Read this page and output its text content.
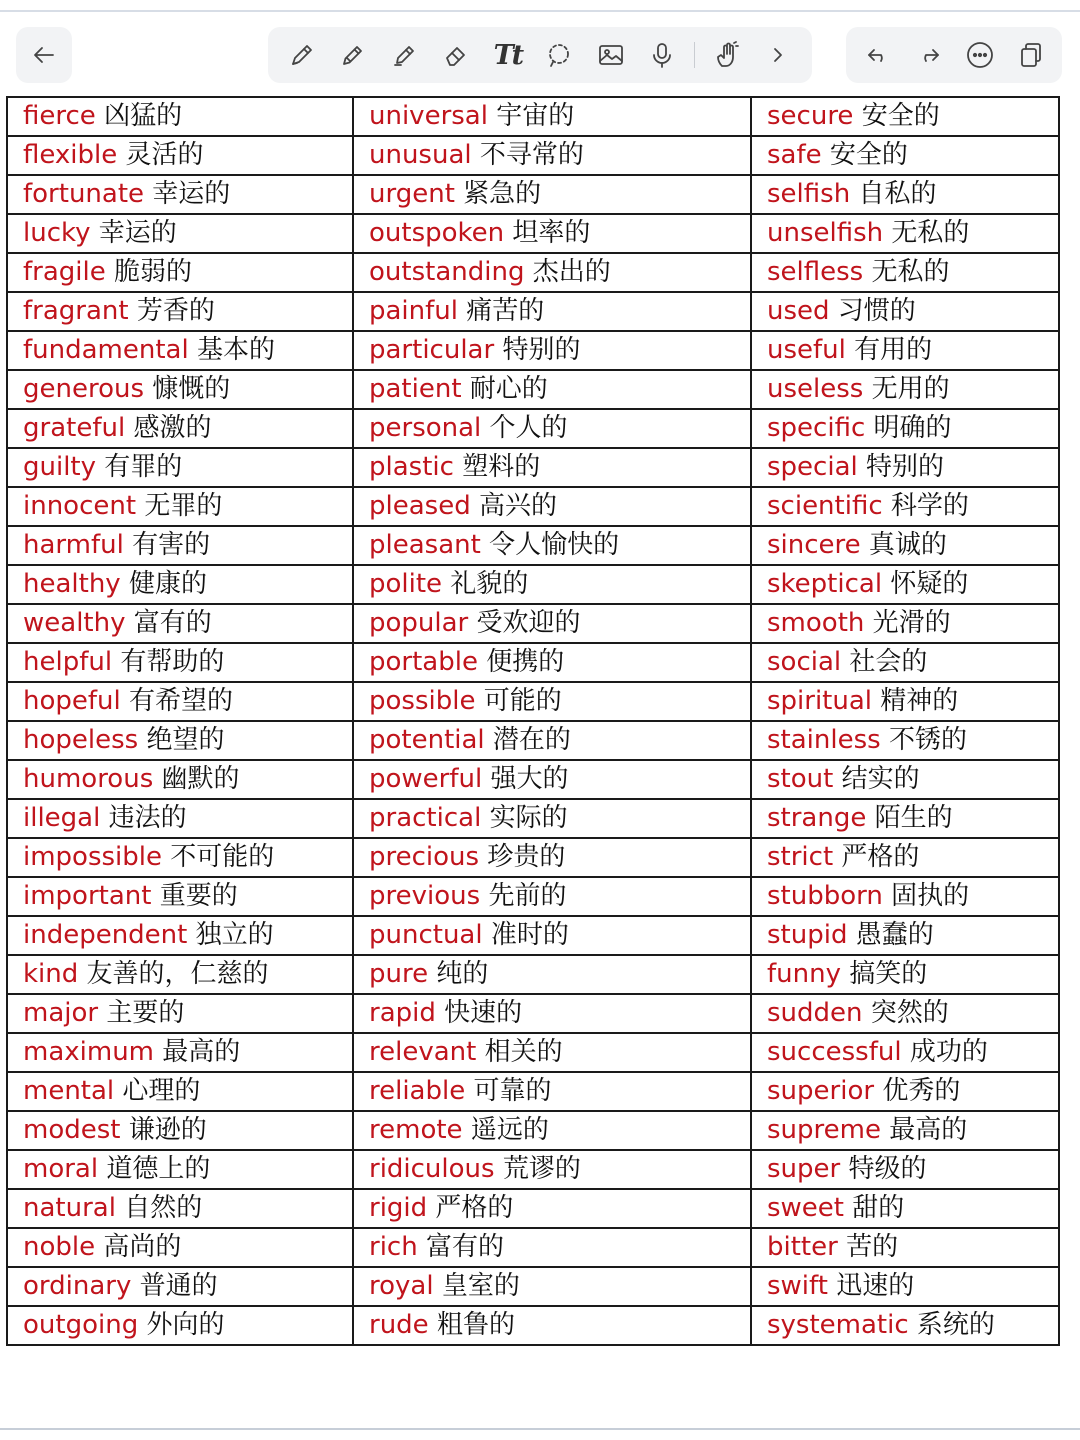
Tt
fierce 凶猛的	universal 宇宙的	secure 安全的
flexible 灵活的	unusual 不寻常的	safe 安全的
fortunate 幸运的	urgent 紧急的	selfish 自私的
lucky 幸运的	outspoken 坦率的	unselfish 无私的
fragile 脆弱的	outstanding 杰出的	selfless 无私的
fragrant 芳香的	painful 痛苦的	used 习惯的
fundamental 基本的	particular 特别的	useful 有用的
generous 慷慨的	patient 耐心的	useless 无用的
grateful 感激的	personal 个人的	specific 明确的
guilty 有罪的	plastic 塑料的	special 特别的
innocent 无罪的	pleased 高兴的	scientific 科学的
harmful 有害的	pleasant 令人愉快的	sincere 真诚的
healthy 健康的	polite 礼貌的	skeptical 怀疑的
wealthy 富有的	popular 受欢迎的	smooth 光滑的
helpful 有帮助的	portable 便携的	social 社会的
hopeful 有希望的	possible 可能的	spiritual 精神的
hopeless 绝望的	potential 潜在的	stainless 不锈的
humorous 幽默的	powerful 强大的	stout 结实的
illegal 违法的	practical 实际的	strange 陌生的
impossible 不可能的	precious 珍贵的	strict 严格的
important 重要的	previous 先前的	stubborn 固执的
independent 独立的	punctual 准时的	stupid 愚蠢的
kind 友善的，仁慈的	pure 纯的	funny 搞笑的
major 主要的	rapid 快速的	sudden 突然的
maximum 最高的	relevant 相关的	successful 成功的
mental 心理的	reliable 可靠的	superior 优秀的
modest 谦逊的	remote 遥远的	supreme 最高的
moral 道德上的	ridiculous 荒谬的	super 特级的
natural 自然的	rigid 严格的	sweet 甜的
noble 高尚的	rich 富有的	bitter 苦的
ordinary 普通的	royal 皇室的	swift 迅速的
outgoing 外向的	rude 粗鲁的	systematic 系统的
